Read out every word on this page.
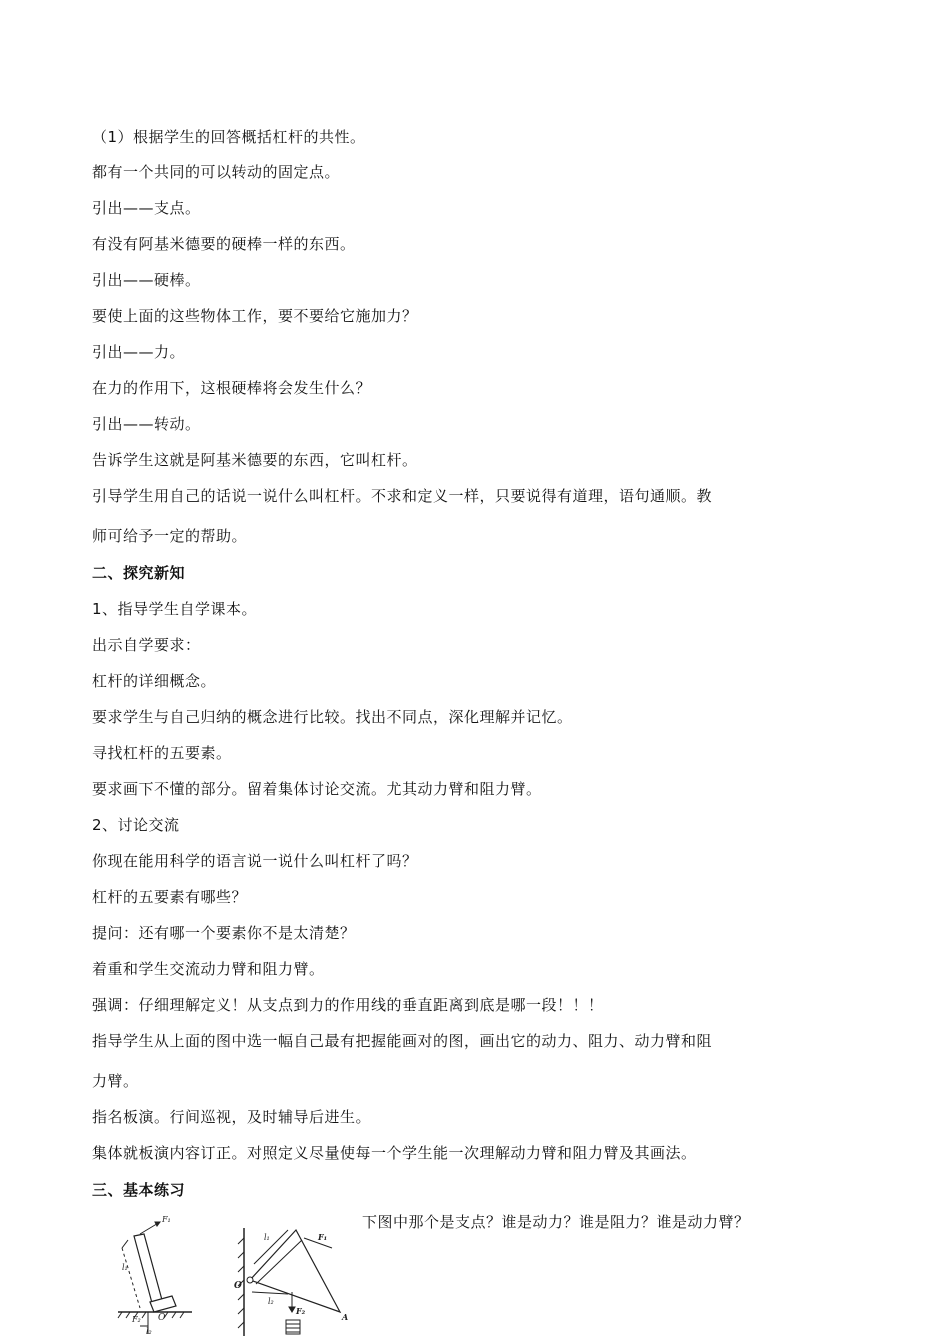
（1）根据学生的回答概括杠杆的共性。
都有一个共同的可以转动的固定点。
引出——支点。
有没有阿基米德要的硬棒一样的东西。
引出——硬棒。
要使上面的这些物体工作，要不要给它施加力？
引出——力。
在力的作用下，这根硬棒将会发生什么？
引出——转动。
告诉学生这就是阿基米德要的东西，它叫杠杆。
引导学生用自己的话说一说什么叫杠杆。不求和定义一样，只要说得有道理，语句通顺。教
师可给予一定的帮助。
二、探究新知
1、指导学生自学课本。
出示自学要求：
杠杆的详细概念。
要求学生与自己归纳的概念进行比较。找出不同点，深化理解并记忆。
寻找杠杆的五要素。
要求画下不懂的部分。留着集体讨论交流。尤其动力臂和阻力臂。
2、讨论交流
你现在能用科学的语言说一说什么叫杠杆了吗？
杠杆的五要素有哪些？
提问：还有哪一个要素你不是太清楚？
着重和学生交流动力臂和阻力臂。
强调：仔细理解定义！从支点到力的作用线的垂直距离到底是哪一段！！！
指导学生从上面的图中选一幅自己最有把握能画对的图，画出它的动力、阻力、动力臂和阻
力臂。
指名板演。行间巡视，及时辅导后进生。
集体就板演内容订正。对照定义尽量使每一个学生能一次理解动力臂和阻力臂及其画法。
三、基本练习
F₁
l₁
O
F₂
l₂
l₁	F₁
O
A
l₂
F₂
下图中那个是支点？谁是动力？谁是阻力？谁是动力臂？
